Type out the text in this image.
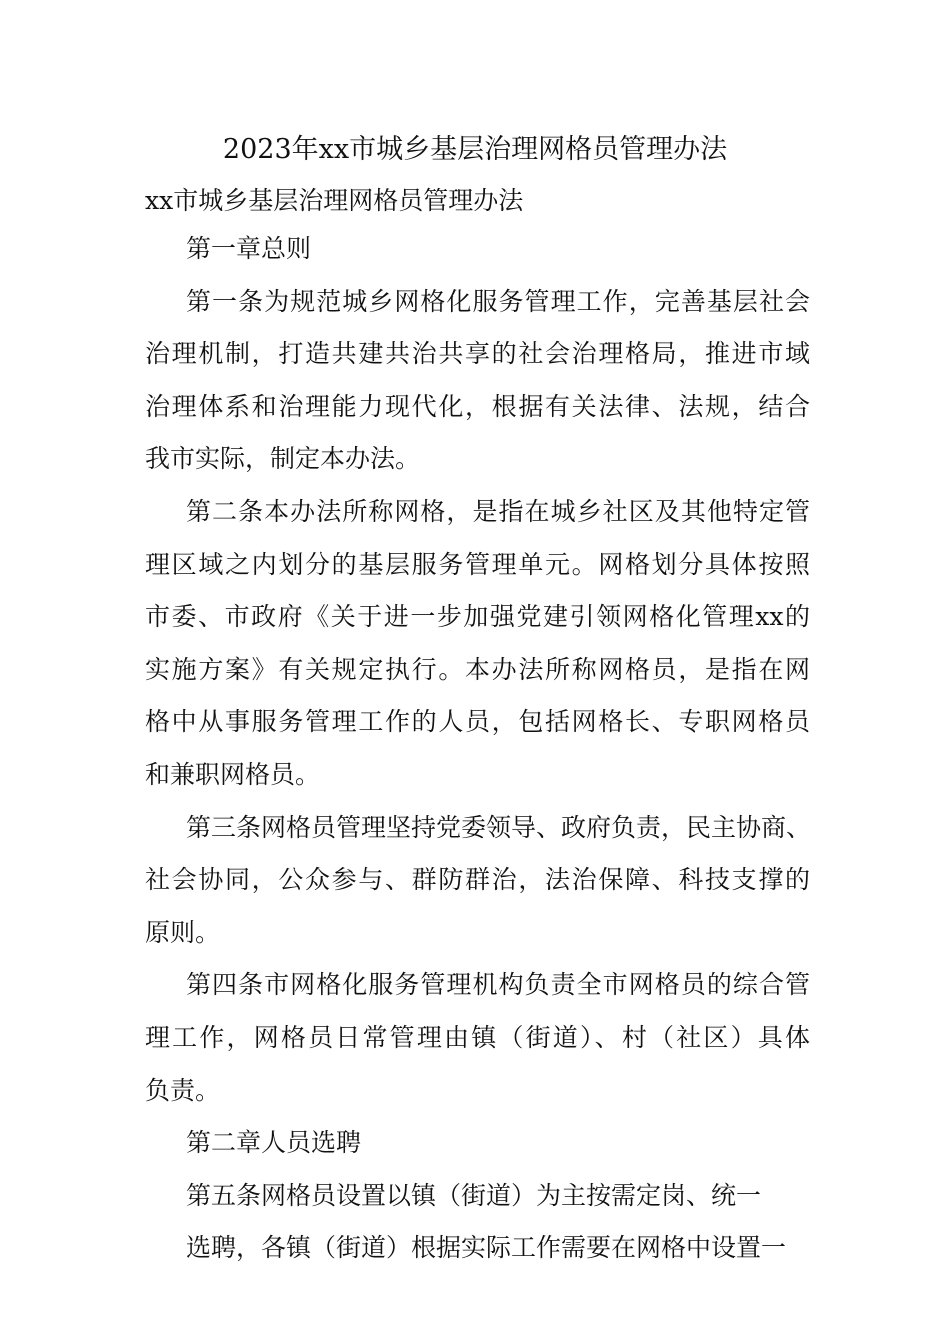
2023年xx市城乡基层治理网格员管理办法
xx市城乡基层治理网格员管理办法
第一章总则
第一条为规范城乡网格化服务管理工作，完善基层社会
治理机制，打造共建共治共享的社会治理格局，推进市域
治理体系和治理能力现代化，根据有关法律、法规，结合
我市实际，制定本办法。
第二条本办法所称网格，是指在城乡社区及其他特定管
理区域之内划分的基层服务管理单元。网格划分具体按照
市委、市政府《关于进一步加强党建引领网格化管理xx的
实施方案》有关规定执行。本办法所称网格员，是指在网
格中从事服务管理工作的人员，包括网格长、专职网格员
和兼职网格员。
第三条网格员管理坚持党委领导、政府负责，民主协商、
社会协同，公众参与、群防群治，法治保障、科技支撑的
原则。
第四条市网格化服务管理机构负责全市网格员的综合管
理工作，网格员日常管理由镇（街道）、村（社区）具体
负责。
第二章人员选聘
第五条网格员设置以镇（街道）为主按需定岗、统一
选聘，各镇（街道）根据实际工作需要在网格中设置一
